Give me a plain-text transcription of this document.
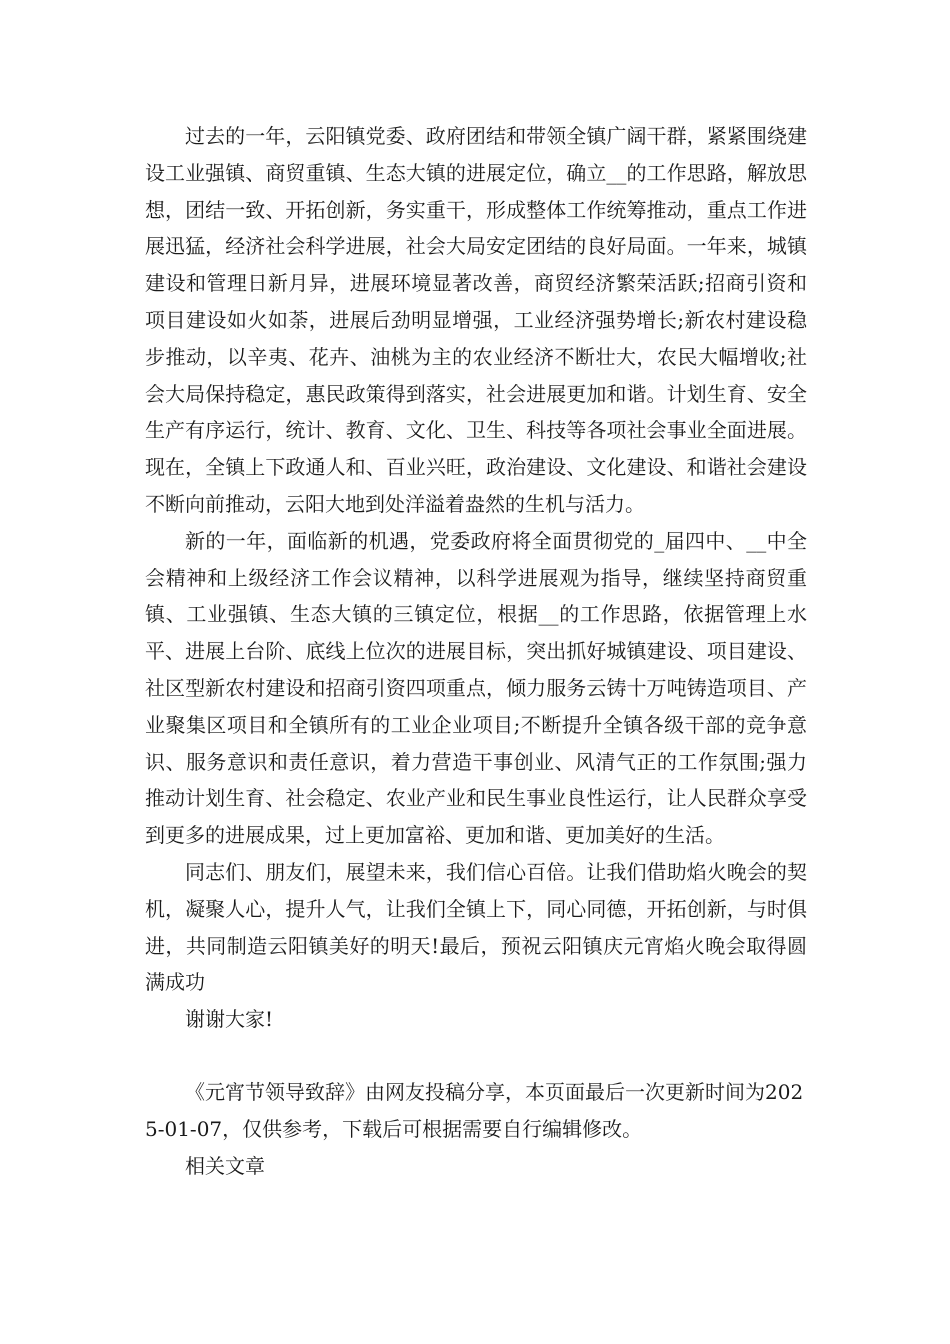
过去的一年，云阳镇党委、政府团结和带领全镇广阔干群，紧紧围绕建设工业强镇、商贸重镇、生态大镇的进展定位，确立__的工作思路，解放思想，团结一致、开拓创新，务实重干，形成整体工作统筹推动，重点工作进展迅猛，经济社会科学进展，社会大局安定团结的良好局面。一年来，城镇建设和管理日新月异，进展环境显著改善，商贸经济繁荣活跃;招商引资和项目建设如火如荼，进展后劲明显增强，工业经济强势增长;新农村建设稳步推动，以辛夷、花卉、油桃为主的农业经济不断壮大，农民大幅增收;社会大局保持稳定，惠民政策得到落实，社会进展更加和谐。计划生育、安全生产有序运行，统计、教育、文化、卫生、科技等各项社会事业全面进展。现在，全镇上下政通人和、百业兴旺，政治建设、文化建设、和谐社会建设不断向前推动，云阳大地到处洋溢着盎然的生机与活力。

新的一年，面临新的机遇，党委政府将全面贯彻党的_届四中、__中全会精神和上级经济工作会议精神，以科学进展观为指导，继续坚持商贸重镇、工业强镇、生态大镇的三镇定位，根据__的工作思路，依据管理上水平、进展上台阶、底线上位次的进展目标，突出抓好城镇建设、项目建设、社区型新农村建设和招商引资四项重点，倾力服务云铸十万吨铸造项目、产业聚集区项目和全镇所有的工业企业项目;不断提升全镇各级干部的竞争意识、服务意识和责任意识，着力营造干事创业、风清气正的工作氛围;强力推动计划生育、社会稳定、农业产业和民生事业良性运行，让人民群众享受到更多的进展成果，过上更加富裕、更加和谐、更加美好的生活。

同志们、朋友们，展望未来，我们信心百倍。让我们借助焰火晚会的契机，凝聚人心，提升人气，让我们全镇上下，同心同德，开拓创新，与时俱进，共同制造云阳镇美好的明天!最后，预祝云阳镇庆元宵焰火晚会取得圆满成功

谢谢大家!

《元宵节领导致辞》由网友投稿分享，本页面最后一次更新时间为2025-01-07，仅供参考，下载后可根据需要自行编辑修改。

相关文章
